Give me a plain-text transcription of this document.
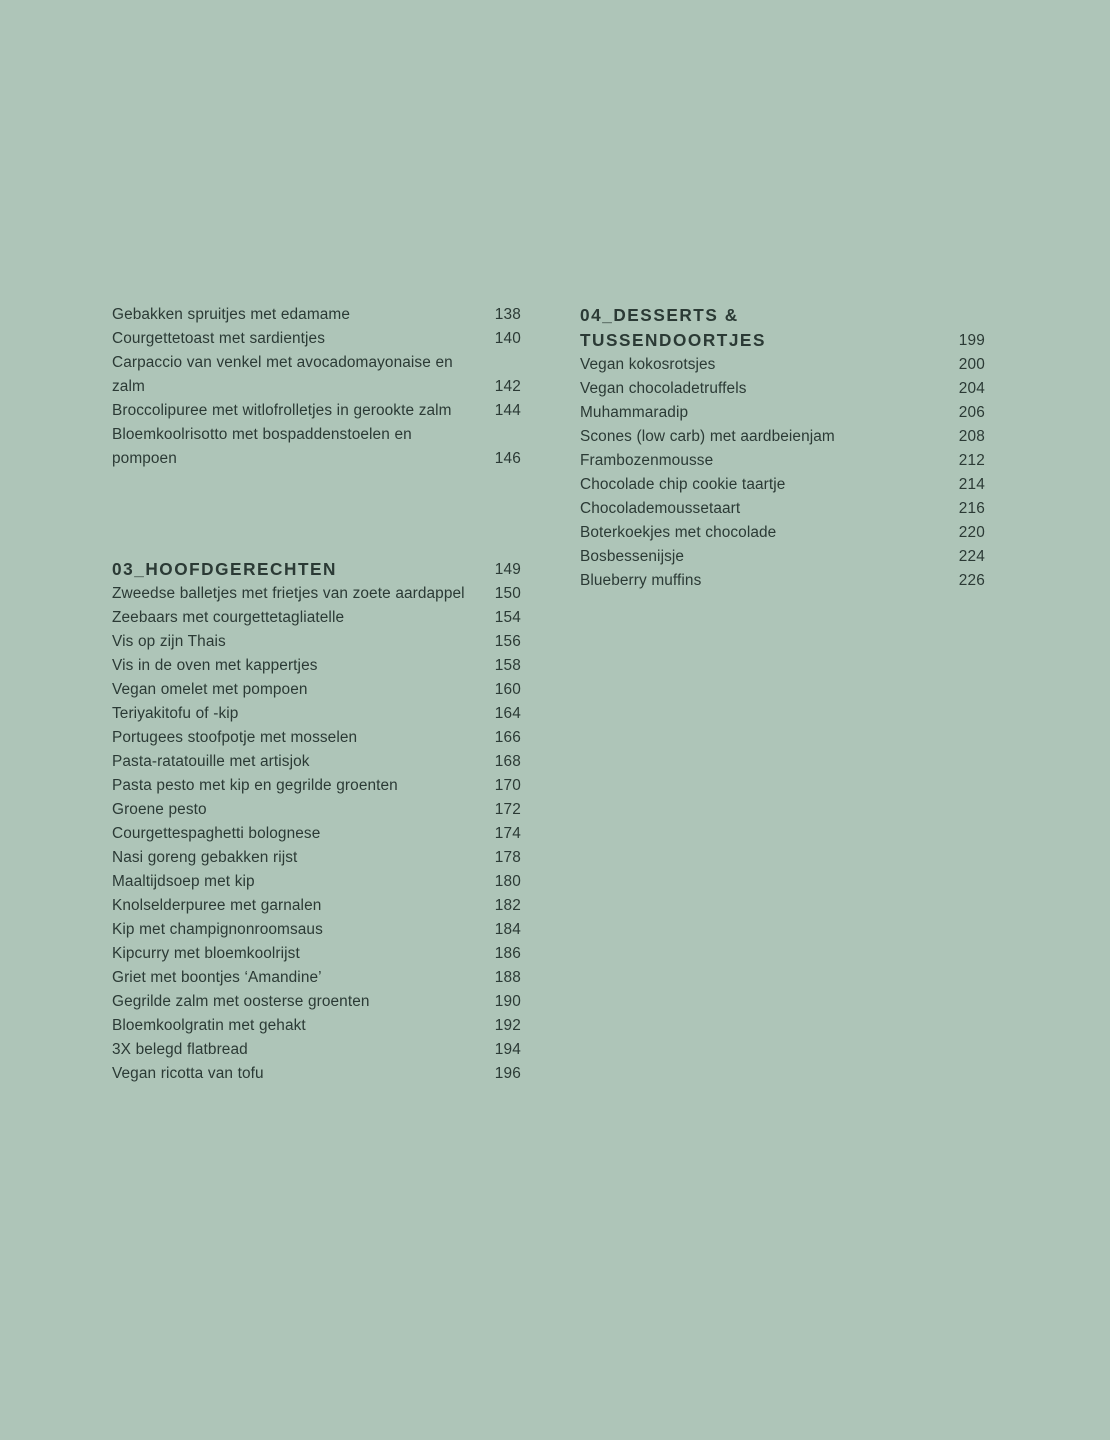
Gebakken spruitjes met edamame	138
Courgettetoast met sardientjes	140
Carpaccio van venkel met avocadomayonaise en zalm	142
Broccolipuree met witlofrolletjes in gerookte zalm	144
Bloemkoolrisotto met bospaddenstoelen en pompoen	146
03_HOOFDGERECHTEN	149
Zweedse balletjes met frietjes van zoete aardappel	150
Zeebaars met courgettetagliatelle	154
Vis op zijn Thais	156
Vis in de oven met kappertjes	158
Vegan omelet met pompoen	160
Teriyakitofu of -kip	164
Portugees stoofpotje met mosselen	166
Pasta-ratatouille met artisjok	168
Pasta pesto met kip en gegrilde groenten	170
Groene pesto	172
Courgettespaghetti bolognese	174
Nasi goreng gebakken rijst	178
Maaltijdsoep met kip	180
Knolselderpuree met garnalen	182
Kip met champignonroomsaus	184
Kipcurry met bloemkoolrijst	186
Griet met boontjes ‘Amandine’	188
Gegrilde zalm met oosterse groenten	190
Bloemkoolgratin met gehakt	192
3X belegd flatbread	194
Vegan ricotta van tofu	196
04_DESSERTS &
TUSSENDOORTJES	199
Vegan kokosrotsjes	200
Vegan chocoladetruffels	204
Muhammaradip	206
Scones (low carb) met aardbeienjam	208
Frambozenmousse	212
Chocolade chip cookie taartje	214
Chocolademoussetaart	216
Boterkoekjes met chocolade	220
Bosbessenijsje	224
Blueberry muffins	226
